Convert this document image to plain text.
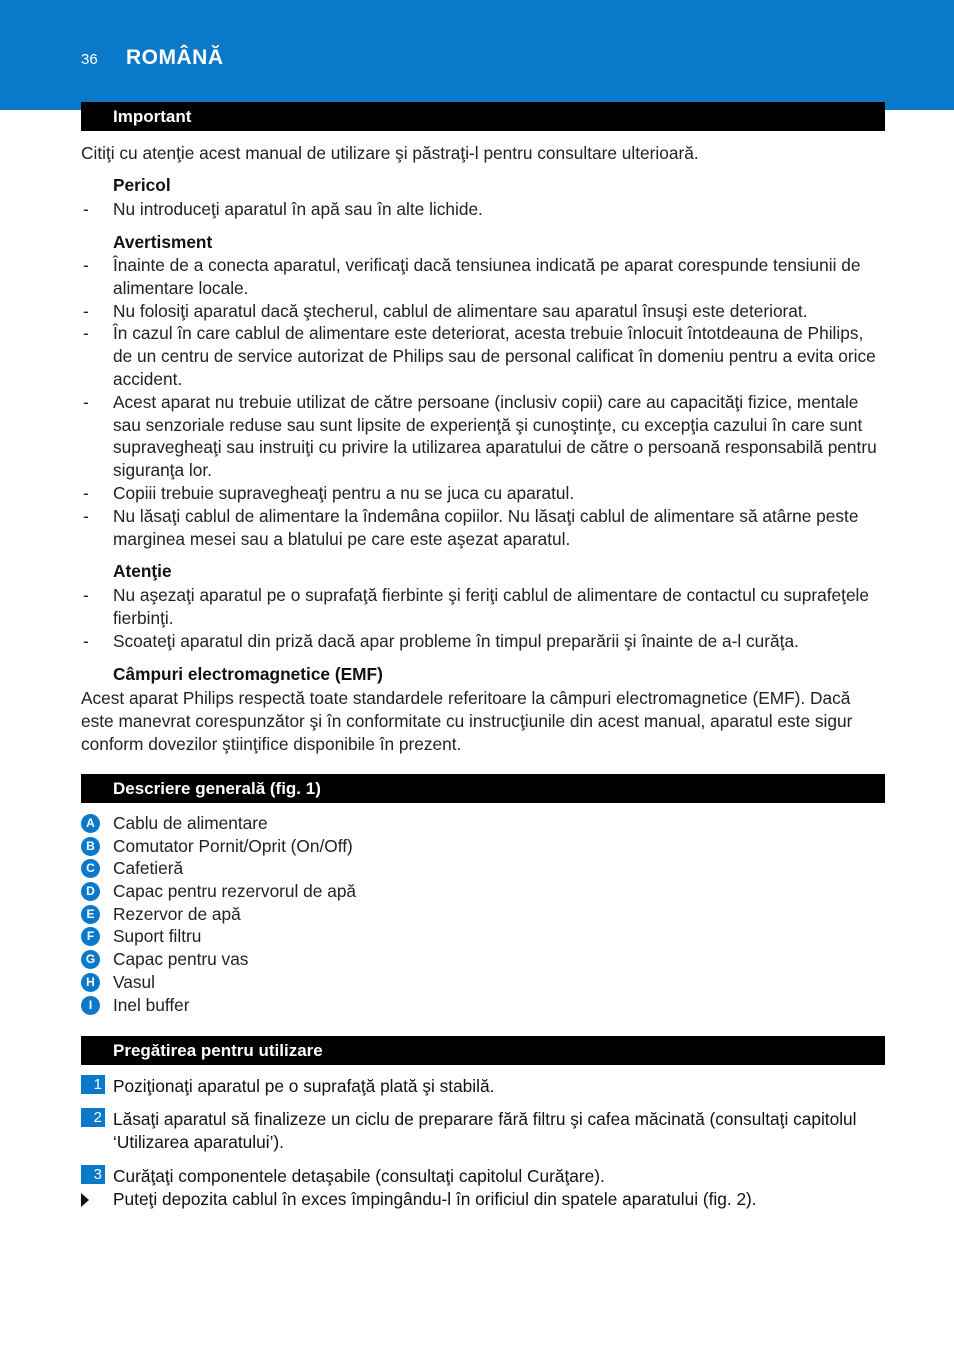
36 ROMÂNĂ
Important
Citiţi cu atenţie acest manual de utilizare şi păstraţi-l pentru consultare ulterioară.
Pericol
- Nu introduceţi aparatul în apă sau în alte lichide.
Avertisment
- Înainte de a conecta aparatul, verificaţi dacă tensiunea indicată pe aparat corespunde tensiunii de alimentare locale.
- Nu folosiţi aparatul dacă ştecherul, cablul de alimentare sau aparatul însuşi este deteriorat.
- În cazul în care cablul de alimentare este deteriorat, acesta trebuie înlocuit întotdeauna de Philips, de un centru de service autorizat de Philips sau de personal calificat în domeniu pentru a evita orice accident.
- Acest aparat nu trebuie utilizat de către persoane (inclusiv copii) care au capacităţi fizice, mentale sau senzoriale reduse sau sunt lipsite de experienţă şi cunoştinţe, cu excepţia cazului în care sunt supravegheaţi sau instruiţi cu privire la utilizarea aparatului de către o persoană responsabilă pentru siguranţa lor.
- Copiii trebuie supravegheaţi pentru a nu se juca cu aparatul.
- Nu lăsaţi cablul de alimentare la îndemâna copiilor. Nu lăsaţi cablul de alimentare să atârne peste marginea mesei sau a blatului pe care este aşezat aparatul.
Atenţie
- Nu aşezaţi aparatul pe o suprafaţă fierbinte şi feriţi cablul de alimentare de contactul cu suprafeţele fierbinţi.
- Scoateţi aparatul din priză dacă apar probleme în timpul preparării şi înainte de a-l curăţa.
Câmpuri electromagnetice (EMF)
Acest aparat Philips respectă toate standardele referitoare la câmpuri electromagnetice (EMF). Dacă este manevrat corespunzător şi în conformitate cu instrucţiunile din acest manual, aparatul este sigur conform dovezilor ştiinţifice disponibile în prezent.
Descriere generală (fig. 1)
A Cablu de alimentare
B Comutator Pornit/Oprit (On/Off)
C Cafetieră
D Capac pentru rezervorul de apă
E	Rezervor de apă
F	Suport filtru
G Capac pentru vas
H Vasul
I	Inel buffer
Pregătirea pentru utilizare
1 Poziţionaţi aparatul pe o suprafaţă plată şi stabilă.
2 Lăsaţi aparatul să finalizeze un ciclu de preparare fără filtru şi cafea măcinată (consultaţi capitolul ‘Utilizarea aparatului’).
3 Curăţaţi componentele detaşabile (consultaţi capitolul Curăţare).
Puteţi depozita cablul în exces împingându-l în orificiul din spatele aparatului (fig. 2).
